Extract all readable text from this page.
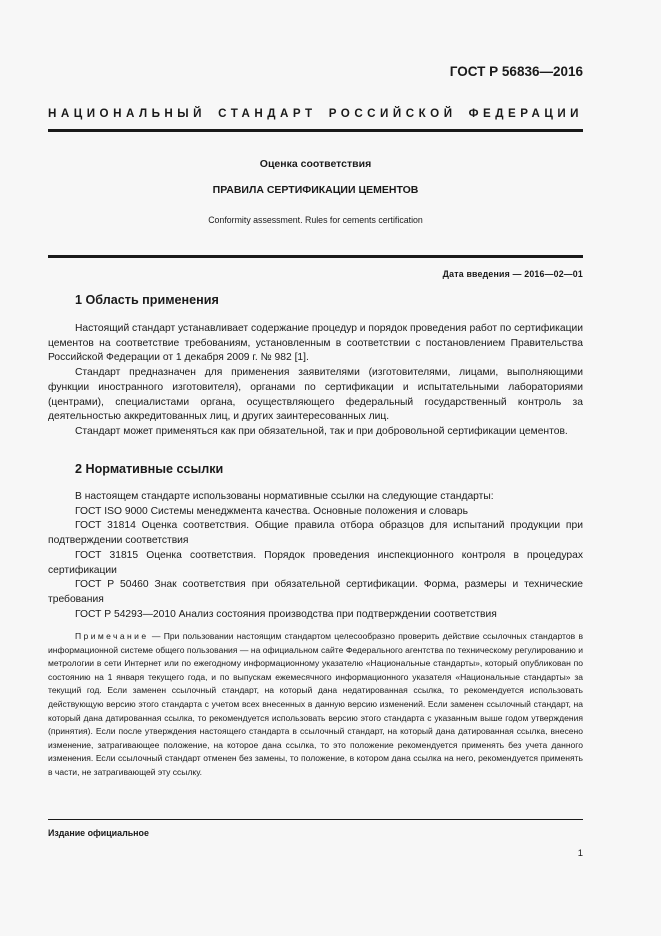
ГОСТ Р 56836—2016
НАЦИОНАЛЬНЫЙ СТАНДАРТ РОССИЙСКОЙ ФЕДЕРАЦИИ
Оценка соответствия
ПРАВИЛА СЕРТИФИКАЦИИ ЦЕМЕНТОВ
Conformity assessment. Rules for cements certification
Дата введения — 2016—02—01
1 Область применения

Настоящий стандарт устанавливает содержание процедур и порядок проведения работ по сертификации цементов на соответствие требованиям, установленным в соответствии с постановлением Правительства Российской Федерации от 1 декабря 2009 г. № 982 [1].

Стандарт предназначен для применения заявителями (изготовителями, лицами, выполняющими функции иностранного изготовителя), органами по сертификации и испытательными лабораториями (центрами), специалистами органа, осуществляющего федеральный государственный контроль за деятельностью аккредитованных лиц, и других заинтересованных лиц.

Стандарт может применяться как при обязательной, так и при добровольной сертификации цементов.

2 Нормативные ссылки

В настоящем стандарте использованы нормативные ссылки на следующие стандарты:

ГОСТ ISO 9000 Системы менеджмента качества. Основные положения и словарь

ГОСТ 31814 Оценка соответствия. Общие правила отбора образцов для испытаний продукции при подтверждении соответствия

ГОСТ 31815 Оценка соответствия. Порядок проведения инспекционного контроля в процедурах сертификации

ГОСТ Р 50460 Знак соответствия при обязательной сертификации. Форма, размеры и технические требования

ГОСТ Р 54293—2010 Анализ состояния производства при подтверждении соответствия

Примечание — При пользовании настоящим стандартом целесообразно проверить действие ссылочных стандартов в информационной системе общего пользования — на официальном сайте Федерального агентства по техническому регулированию и метрологии в сети Интернет или по ежегодному информационному указателю «Национальные стандарты», который опубликован по состоянию на 1 января текущего года, и по выпускам ежемесячного информационного указателя «Национальные стандарты» за текущий год. Если заменен ссылочный стандарт, на который дана недатированная ссылка, то рекомендуется использовать действующую версию этого стандарта с учетом всех внесенных в данную версию изменений. Если заменен ссылочный стандарт, на который дана датированная ссылка, то рекомендуется использовать версию этого стандарта с указанным выше годом утверждения (принятия). Если после утверждения настоящего стандарта в ссылочный стандарт, на который дана датированная ссылка, внесено изменение, затрагивающее положение, на которое дана ссылка, то это положение рекомендуется применять без учета данного изменения. Если ссылочный стандарт отменен без замены, то положение, в котором дана ссылка на него, рекомендуется применять в части, не затрагивающей эту ссылку.

Издание официальное
1
